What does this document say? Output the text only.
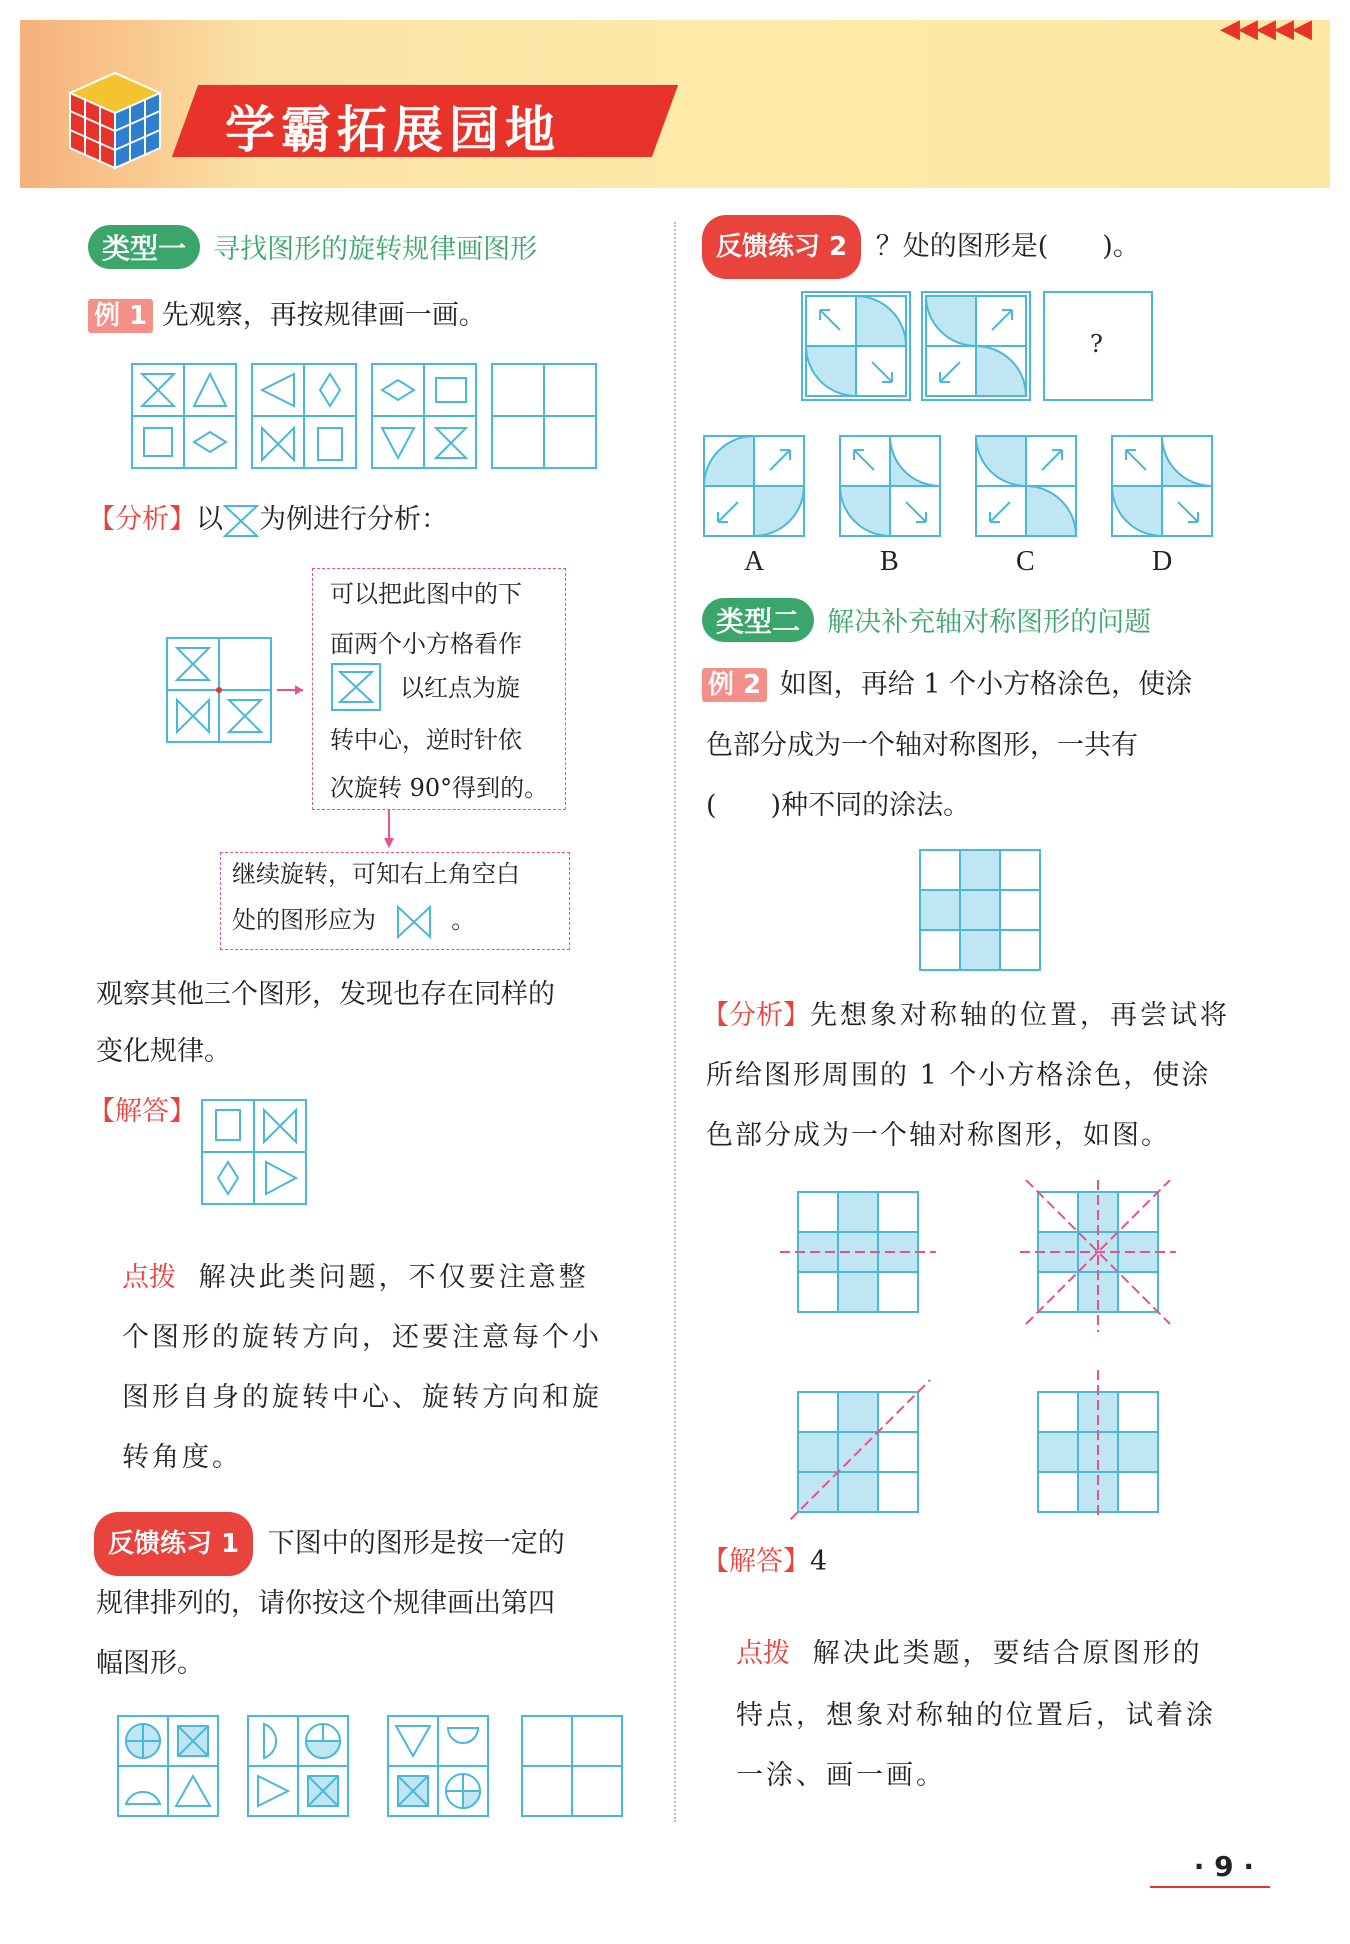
学霸拓展园地
◀◀◀◀◀
类型一 寻找图形的旋转规律画图形
例 1 先观察，再按规律画一画。
【分析】以 为例进行分析：
可以把此图中的下
面两个小方格看作
以红点为旋
转中心，逆时针依
次旋转 90°得到的。
继续旋转，可知右上角空白
处的图形应为	。
观察其他三个图形，发现也存在同样的
变化规律。
【解答】
点拨 解决此类问题，不仅要注意整
个图形的旋转方向，还要注意每个小
图形自身的旋转中心、旋转方向和旋
转角度。
反馈练习 1 下图中的图形是按一定的
规律排列的，请你按这个规律画出第四
幅图形。
反馈练习 2 ？处的图形是(　　)。
?
A	B	C	D
类型二 解决补充轴对称图形的问题
例 2 如图，再给 1 个小方格涂色，使涂
色部分成为一个轴对称图形，一共有
(　　)种不同的涂法。
【分析】先想象对称轴的位置，再尝试将
所给图形周围的 1 个小方格涂色，使涂
色部分成为一个轴对称图形，如图。
【解答】4
点拨 解决此类题，要结合原图形的
特点，想象对称轴的位置后，试着涂
一涂、画一画。
· 9 ·
